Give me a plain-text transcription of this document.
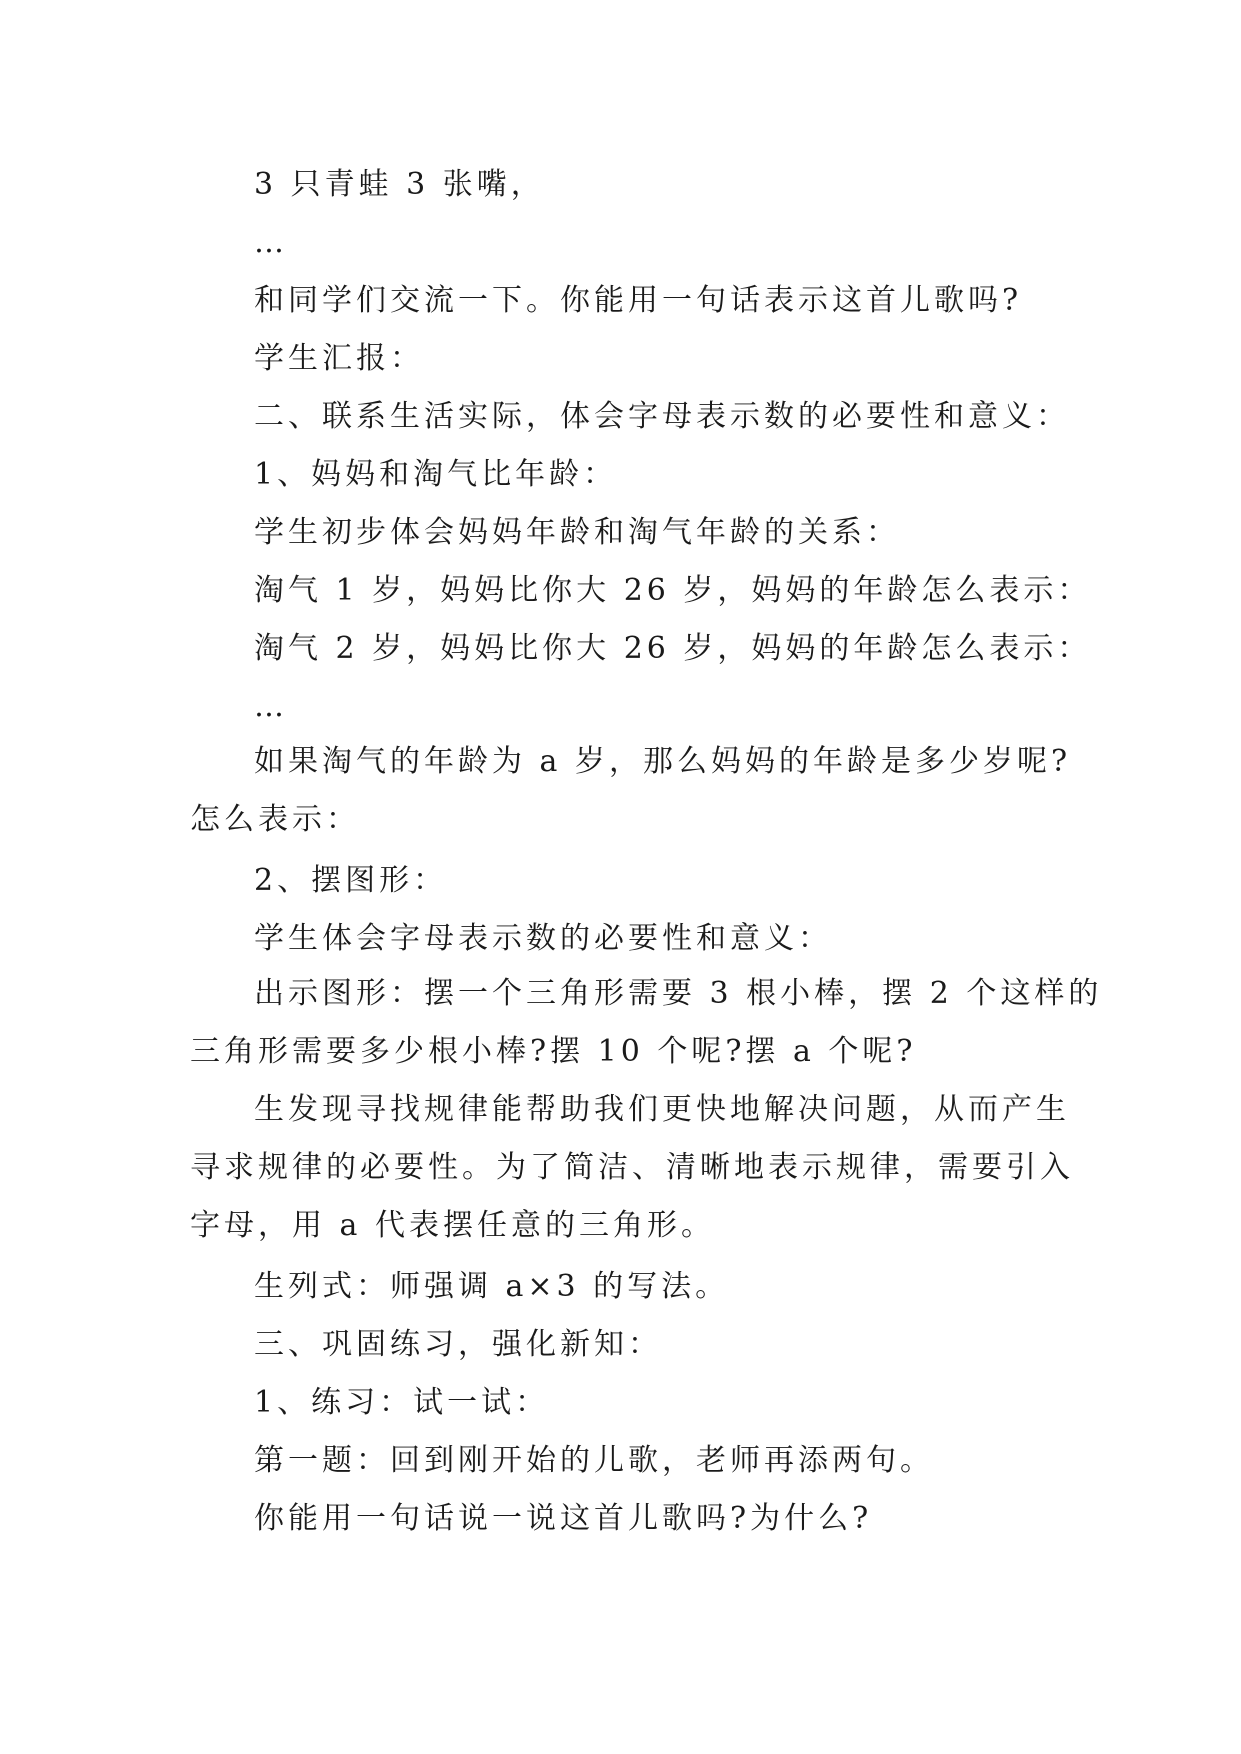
3 只青蛙 3 张嘴，

…

和同学们交流一下。你能用一句话表示这首儿歌吗?

学生汇报：

二、联系生活实际，体会字母表示数的必要性和意义：

1、妈妈和淘气比年龄：

学生初步体会妈妈年龄和淘气年龄的关系：

淘气 1 岁，妈妈比你大 26 岁，妈妈的年龄怎么表示：

淘气 2 岁，妈妈比你大 26 岁，妈妈的年龄怎么表示：

…

如果淘气的年龄为 a 岁，那么妈妈的年龄是多少岁呢?
怎么表示：

2、摆图形：

学生体会字母表示数的必要性和意义：

出示图形：摆一个三角形需要 3 根小棒，摆 2 个这样的
三角形需要多少根小棒?摆 10 个呢?摆 a 个呢?
生发现寻找规律能帮助我们更快地解决问题，从而产生
寻求规律的必要性。为了简洁、清晰地表示规律，需要引入
字母，用 a 代表摆任意的三角形。

生列式：师强调 a×3 的写法。

三、巩固练习，强化新知：

1、练习：试一试：

第一题：回到刚开始的儿歌，老师再添两句。

你能用一句话说一说这首儿歌吗?为什么?
